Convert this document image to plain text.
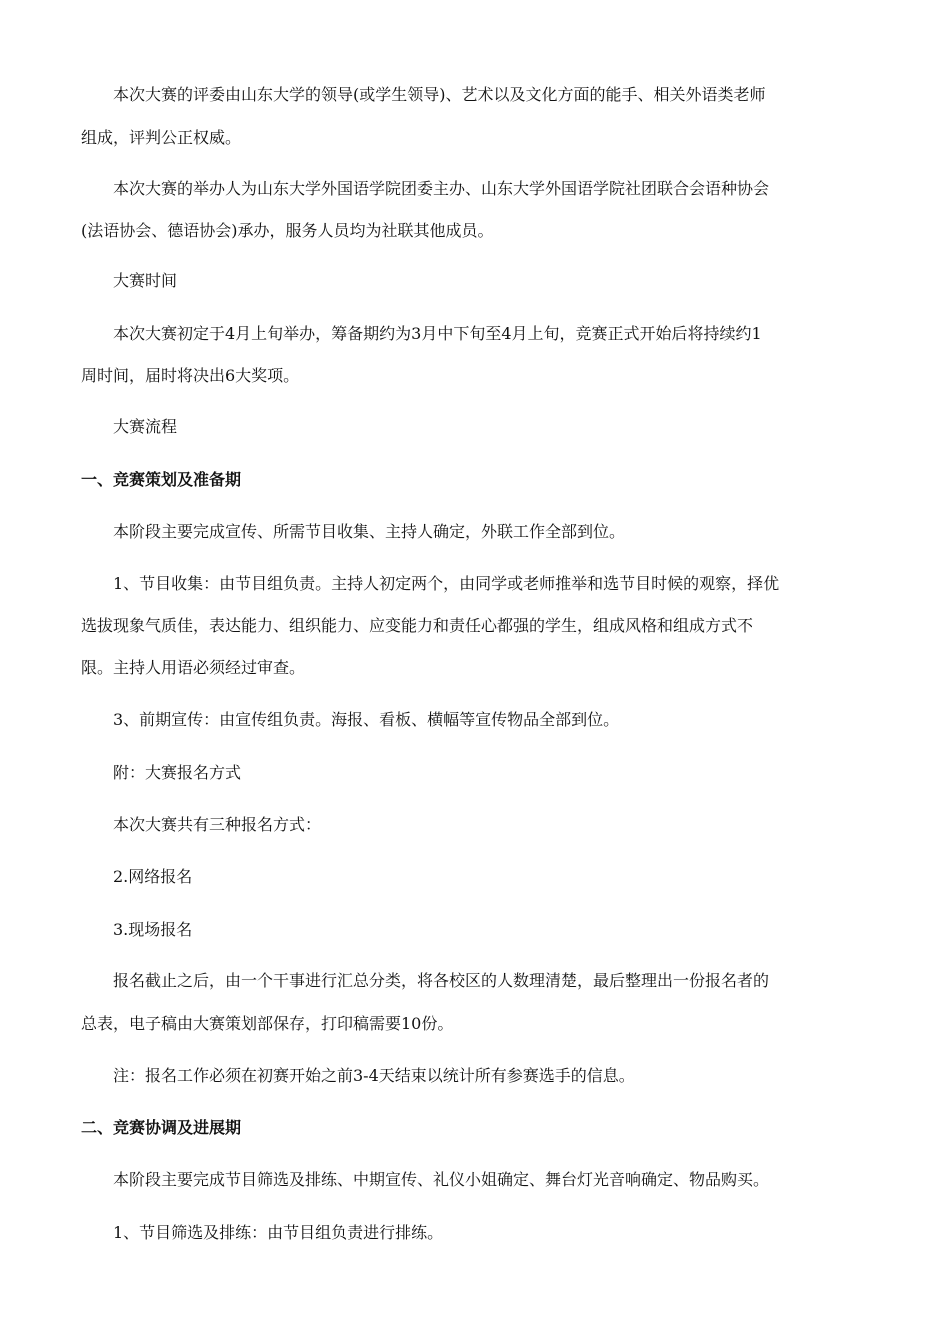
本次大赛的评委由山东大学的领导(或学生领导)、艺术以及文化方面的能手、相关外语类老师
组成，评判公正权威。
本次大赛的举办人为山东大学外国语学院团委主办、山东大学外国语学院社团联合会语种协会
(法语协会、德语协会)承办，服务人员均为社联其他成员。
大赛时间
本次大赛初定于4月上旬举办，筹备期约为3月中下旬至4月上旬，竞赛正式开始后将持续约1
周时间，届时将决出6大奖项。
大赛流程
一、竞赛策划及准备期
本阶段主要完成宣传、所需节目收集、主持人确定，外联工作全部到位。
1、节目收集：由节目组负责。主持人初定两个，由同学或老师推举和选节目时候的观察，择优
选拔现象气质佳，表达能力、组织能力、应变能力和责任心都强的学生，组成风格和组成方式不
限。主持人用语必须经过审查。
3、前期宣传：由宣传组负责。海报、看板、横幅等宣传物品全部到位。
附：大赛报名方式
本次大赛共有三种报名方式：
2.网络报名
3.现场报名
报名截止之后，由一个干事进行汇总分类，将各校区的人数理清楚，最后整理出一份报名者的
总表，电子稿由大赛策划部保存，打印稿需要10份。
注：报名工作必须在初赛开始之前3-4天结束以统计所有参赛选手的信息。
二、竞赛协调及进展期
本阶段主要完成节目筛选及排练、中期宣传、礼仪小姐确定、舞台灯光音响确定、物品购买。
1、节目筛选及排练：由节目组负责进行排练。
